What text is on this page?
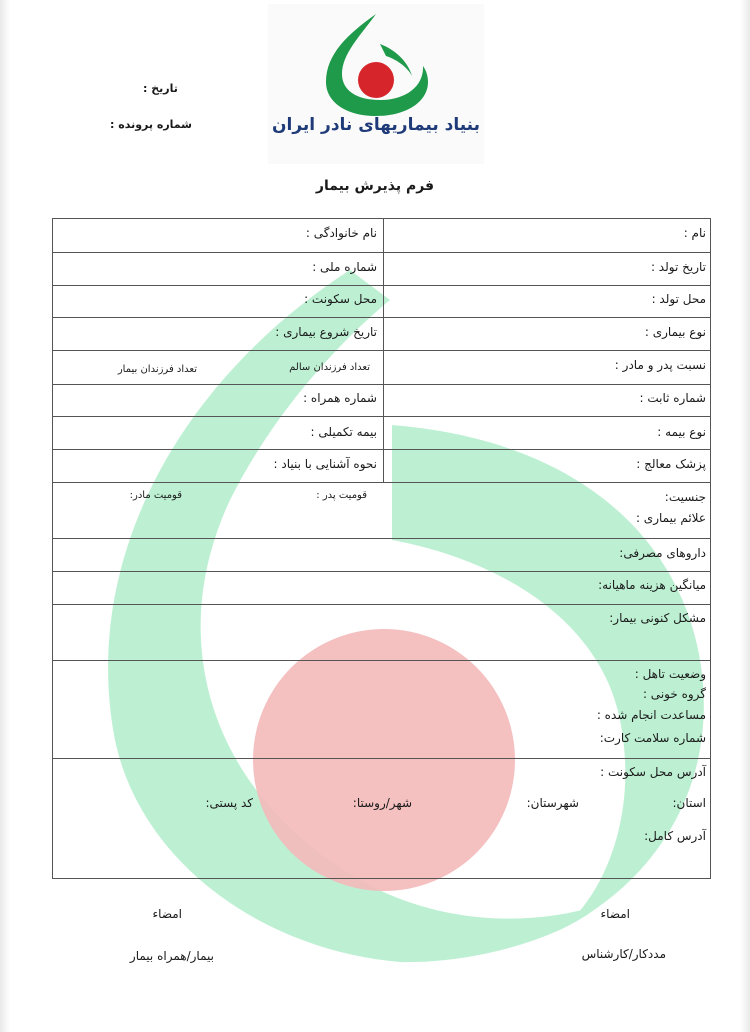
بنیاد بیماریهای نادر ایران
تاریخ :
شماره پرونده :
فرم پذیرش بیمار
نام :
تاریخ تولد :
محل تولد :
نوع بیماری :
نسبت پدر و مادر :
شماره ثابت :
نوع بیمه :
پزشک معالج :
جنسیت:
علائم بیماری :
داروهای مصرفی:
میانگین هزینه ماهیانه:
مشکل کنونی بیمار:
وضعیت تاهل :
گروه خونی :
مساعدت انجام شده :
شماره سلامت کارت:
آدرس محل سکونت :
استان:
آدرس کامل:
نام خانوادگی :
شماره ملی :
محل سکونت :
تاریخ شروع بیماری :
تعداد فرزندان سالم
تعداد فرزندان بیمار
شماره همراه :
بیمه تکمیلی :
نحوه آشنایی با بنیاد :
قومیت پدر :
قومیت مادر:
شهرستان:
شهر/روستا:
کد پستی:
امضاء
امضاء
مددکار/کارشناس
بیمار/همراه بیمار
